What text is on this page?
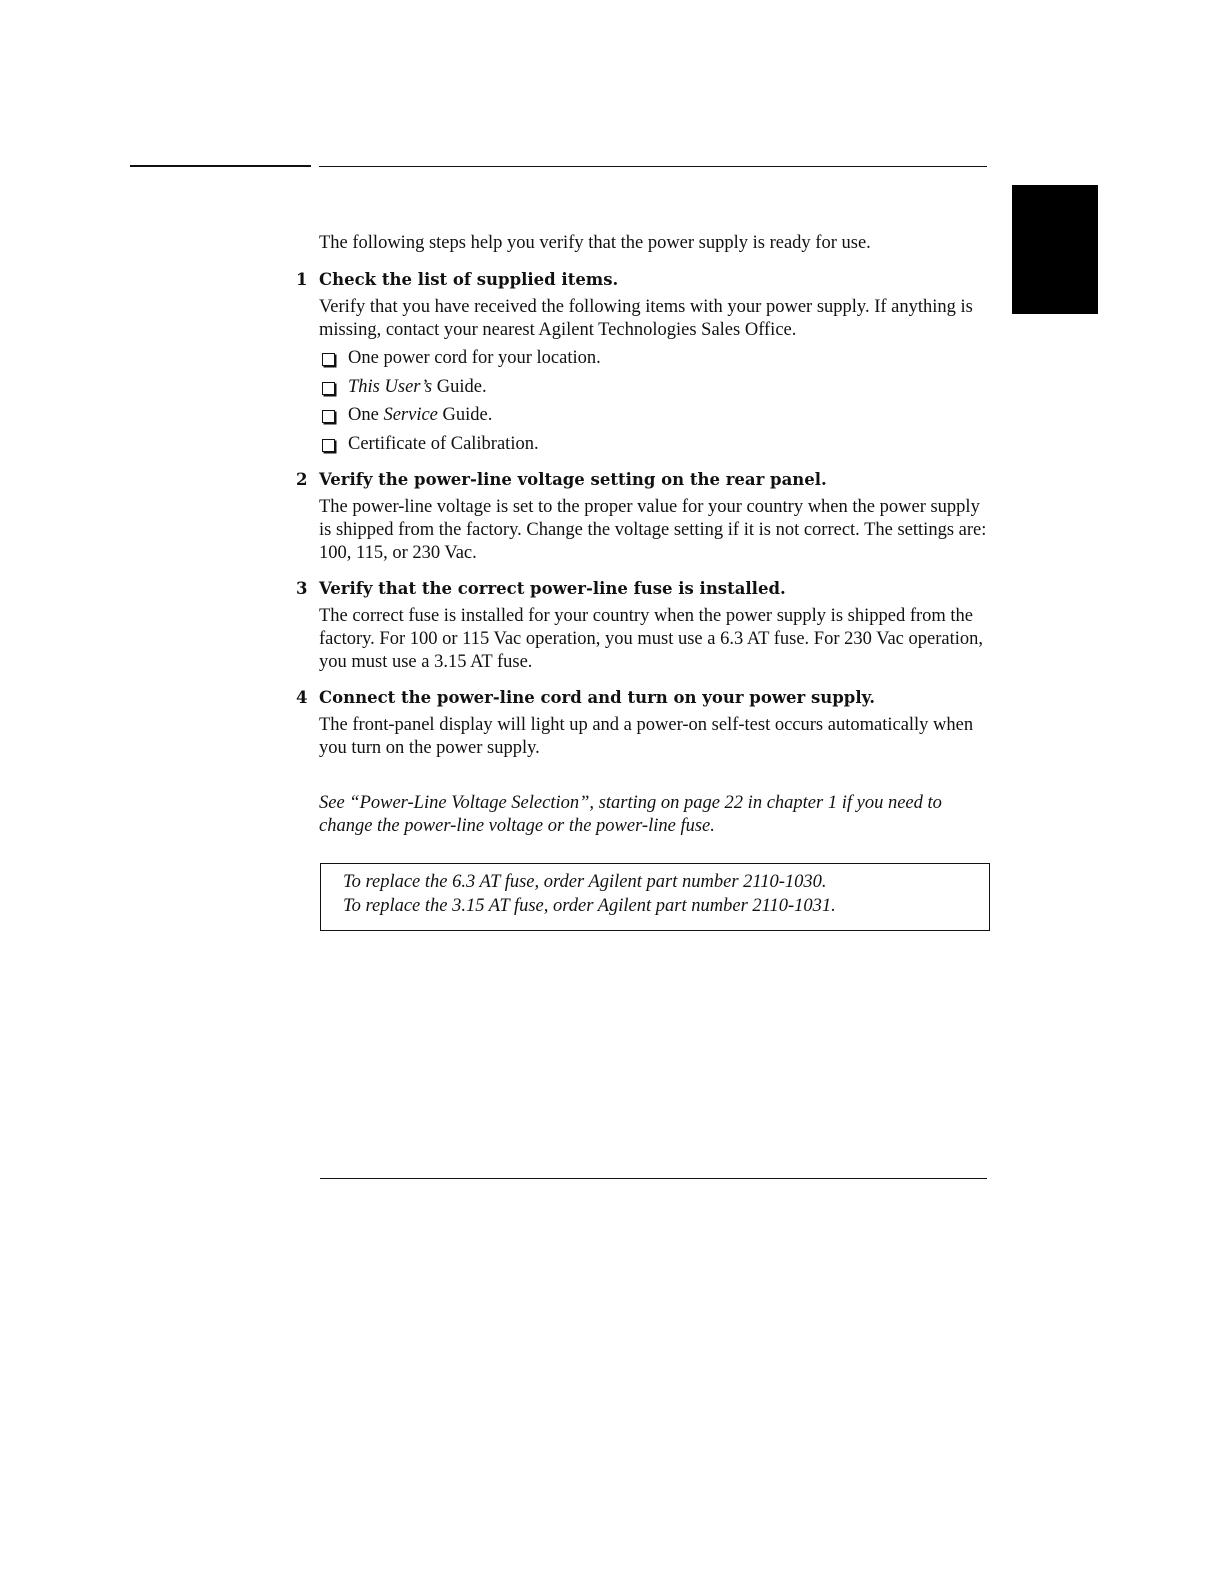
The following steps help you verify that the power supply is ready for use.

1 Check the list of supplied items.

Verify that you have received the following items with your power supply. If anything is missing, contact your nearest Agilent Technologies Sales Office.

One power cord for your location.
This User’s Guide.
One Service Guide.
Certificate of Calibration.
2 Verify the power-line voltage setting on the rear panel.

The power-line voltage is set to the proper value for your country when the power supply is shipped from the factory. Change the voltage setting if it is not correct. The settings are: 100, 115, or 230 Vac.

3 Verify that the correct power-line fuse is installed.

The correct fuse is installed for your country when the power supply is shipped from the factory. For 100 or 115 Vac operation, you must use a 6.3 AT fuse. For 230 Vac operation, you must use a 3.15 AT fuse.

4 Connect the power-line cord and turn on your power supply.

The front-panel display will light up and a power-on self-test occurs automatically when you turn on the power supply.

See “Power-Line Voltage Selection”, starting on page 22 in chapter 1 if you need to change the power-line voltage or the power-line fuse.

To replace the 6.3 AT fuse, order Agilent part number 2110-1030.

To replace the 3.15 AT fuse, order Agilent part number 2110-1031.
